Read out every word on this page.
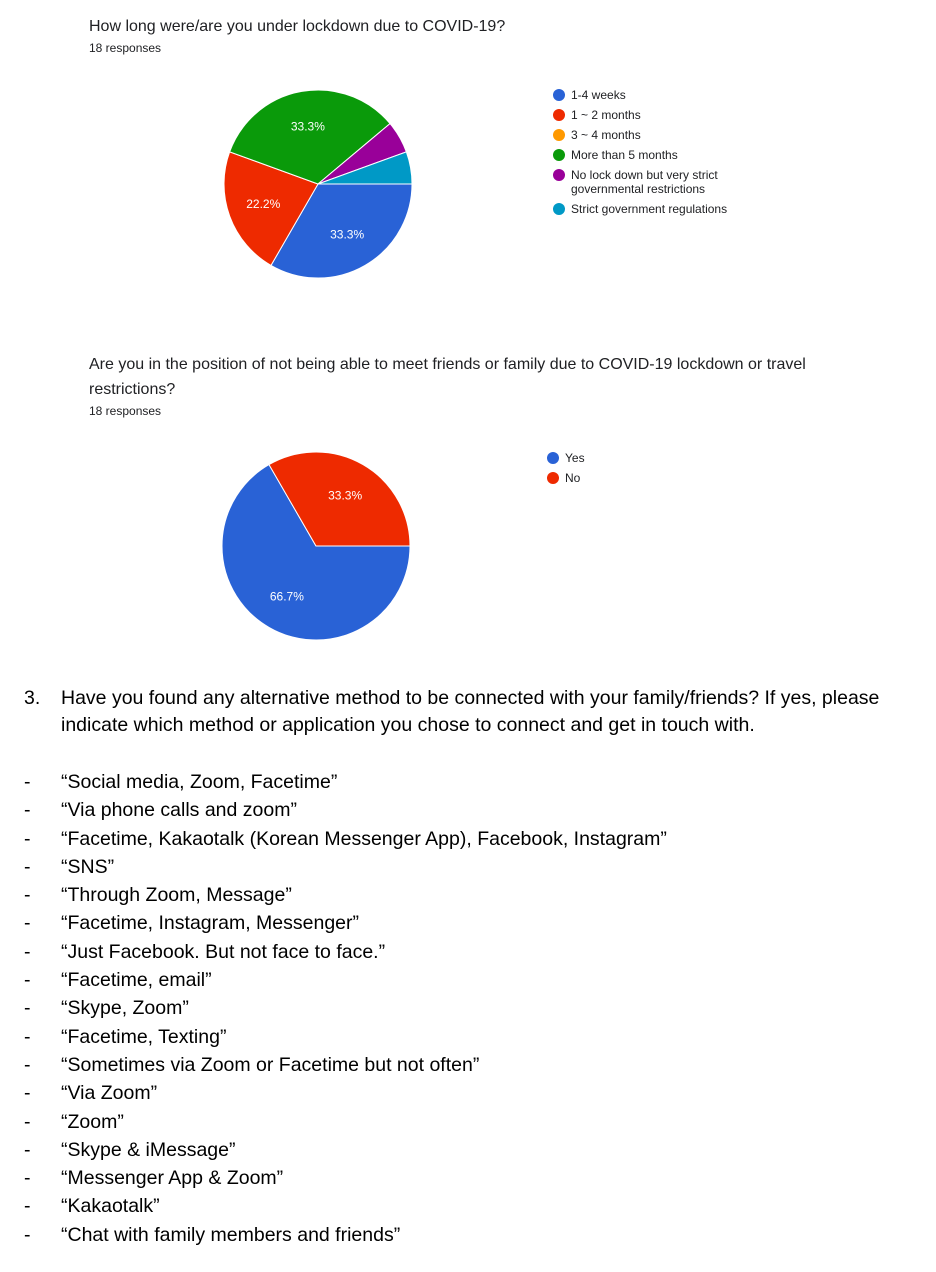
How long were/are you under lockdown due to COVID-19?
18 responses
33.3%
22.2%
33.3%
1-4 weeks
1 ~ 2 months
3 ~ 4 months
More than 5 months
No lock down but very strict governmental restrictions
Strict government regulations
Are you in the position of not being able to meet friends or family due to COVID-19 lockdown or travel restrictions?
18 responses
66.7%
33.3%
Yes
No
3. Have you found any alternative method to be connected with your family/friends? If yes, please indicate which method or application you chose to connect and get in touch with.
- “Social media, Zoom, Facetime”
- “Via phone calls and zoom”
- “Facetime, Kakaotalk (Korean Messenger App), Facebook, Instagram”
- “SNS”
- “Through Zoom, Message”
- “Facetime, Instagram, Messenger”
- “Just Facebook. But not face to face.”
- “Facetime, email”
- “Skype, Zoom”
- “Facetime, Texting”
- “Sometimes via Zoom or Facetime but not often”
- “Via Zoom”
- “Zoom”
- “Skype & iMessage”
- “Messenger App & Zoom”
- “Kakaotalk”
- “Chat with family members and friends”
